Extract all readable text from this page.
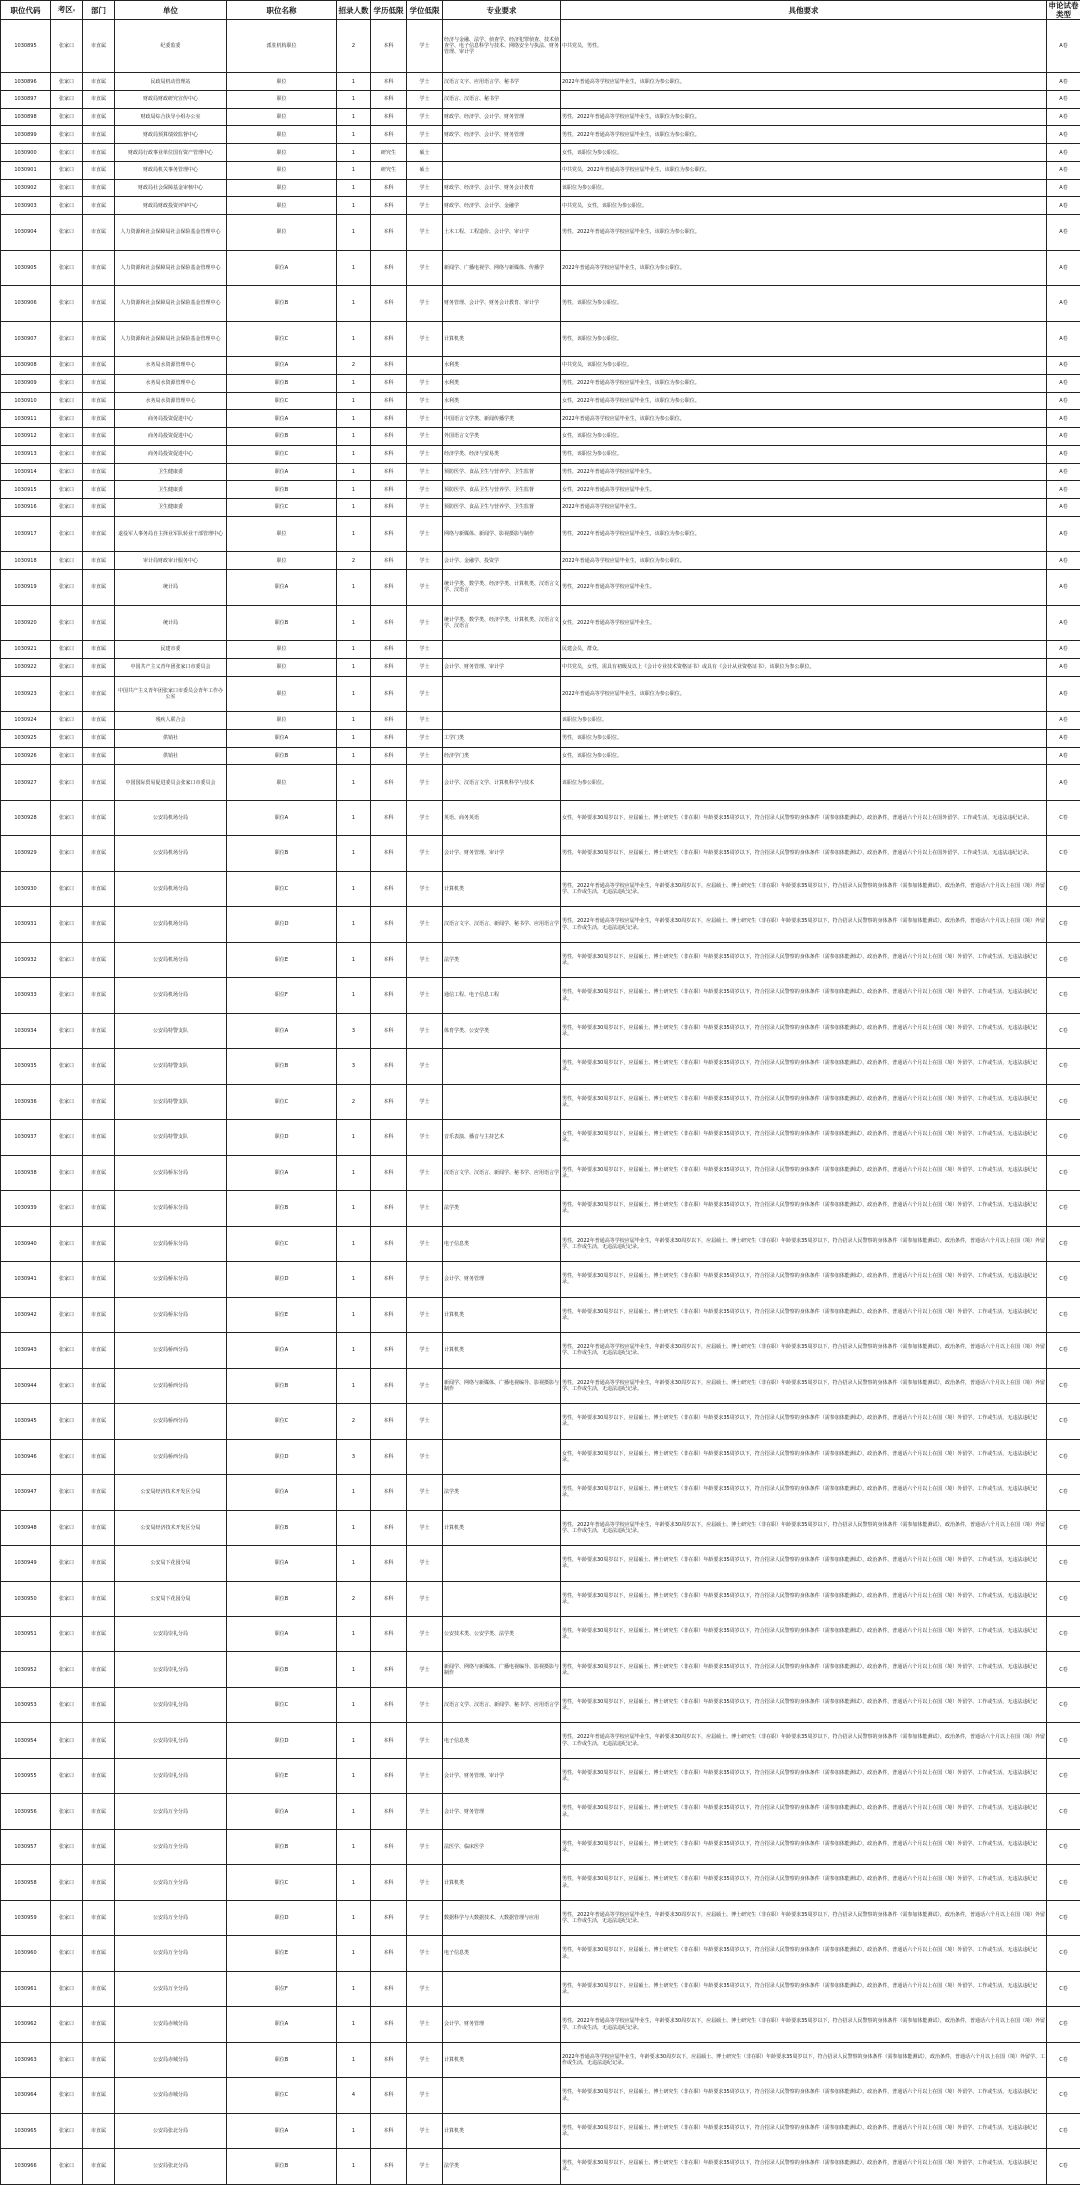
职位代码	考区▾	部门	单位	职位名称	招录人数	学历低限	学位低限	专业要求	具他要求	申论试卷类型
1030895	张家口	市直属	纪委监委	派驻机构职位	2	本科	学士	经济与金融、法学、侦查学、经济犯罪侦查、技术侦查学、电子信息科学与技术、网络安全与执法、财务管理、审计学	中共党员，男性。	A卷
1030896	张家口	市直属	民政局机动管理站	职位	1	本科	学士	汉语言文字、应用语言学、秘书学	2022年普通高等学校应届毕业生，该职位为参公职位。	A卷
1030897	张家口	市直属	财政局财政研究宣传中心	职位	1	本科	学士	汉语言、汉语言、秘书学		A卷
1030898	张家口	市直属	财政局综合执导小组办公室	职位	1	本科	学士	财政学、经济学、会计学、财务管理	男性，2022年普通高等学校应届毕业生，该职位为参公职位。	A卷
1030899	张家口	市直属	财政局预算绩效监督中心	职位	1	本科	学士	财政学、经济学、会计学、财务管理	男性，2022年普通高等学校应届毕业生，该职位为参公职位。	A卷
1030900	张家口	市直属	财政局行政事业单位国有资产管理中心	职位	1	研究生	硕士		女性，该职位为参公职位。	A卷
1030901	张家口	市直属	财政局机关事务管理中心	职位	1	研究生	硕士		中共党员，2022年普通高等学校应届毕业生，该职位为参公职位。	A卷
1030902	张家口	市直属	财政局社会保障基金审核中心	职位	1	本科	学士	财政学、经济学、会计学、财务会计教育	该职位为参公职位。	A卷
1030903	张家口	市直属	财政局财政投资评审中心	职位	1	本科	学士	财政学、经济学、会计学、金融学	中共党员，女性，该职位为参公职位。	A卷
1030904	张家口	市直属	人力资源和社会保障局社会保险基金管理中心	职位	1	本科	学士	土木工程、工程造价、会计学、审计学	男性，2022年普通高等学校应届毕业生，该职位为参公职位。	A卷
1030905	张家口	市直属	人力资源和社会保障局社会保险基金管理中心	职位A	1	本科	学士	新闻学、广播电视学、网络与新媒体、传播学	2022年普通高等学校应届毕业生，该职位为参公职位。	A卷
1030906	张家口	市直属	人力资源和社会保障局社会保险基金管理中心	职位B	1	本科	学士	财务管理、会计学、财务会计教育、审计学	男性，该职位为参公职位。	A卷
1030907	张家口	市直属	人力资源和社会保障局社会保险基金管理中心	职位C	1	本科	学士	计算机类	男性，该职位为参公职位。	A卷
1030908	张家口	市直属	水务局水资源管理中心	职位A	2	本科		水利类	中共党员，该职位为参公职位。	A卷
1030909	张家口	市直属	水务局水资源管理中心	职位B	1	本科	学士	水利类	男性，2022年普通高等学校应届毕业生，该职位为参公职位。	A卷
1030910	张家口	市直属	水务局水资源管理中心	职位C	1	本科	学士	水利类	女性，2022年普通高等学校应届毕业生，该职位为参公职位。	A卷
1030911	张家口	市直属	商务局投资促进中心	职位A	1	本科	学士	中国语言文学类、新闻传播学类	2022年普通高等学校应届毕业生，该职位为参公职位。	A卷
1030912	张家口	市直属	商务局投资促进中心	职位B	1	本科	学士	外国语言文学类	女性，该职位为参公职位。	A卷
1030913	张家口	市直属	商务局投资促进中心	职位C	1	本科	学士	经济学类、经济与贸易类	男性，该职位为参公职位。	A卷
1030914	张家口	市直属	卫生健康委	职位A	1	本科	学士	预防医学、食品卫生与营养学、卫生监督	男性，2022年普通高等学校应届毕业生。	A卷
1030915	张家口	市直属	卫生健康委	职位B	1	本科	学士	预防医学、食品卫生与营养学、卫生监督	女性，2022年普通高等学校应届毕业生。	A卷
1030916	张家口	市直属	卫生健康委	职位C	1	本科	学士	预防医学、食品卫生与营养学、卫生监督	2022年普通高等学校应届毕业生。	A卷
1030917	张家口	市直属	退役军人事务局自主择业军队转业干部管理中心	职位	1	本科	学士	网络与新媒体、新闻学、影视摄影与制作	男性，2022年普通高等学校应届毕业生，该职位为参公职位。	A卷
1030918	张家口	市直属	审计局财政审计服务中心	职位	2	本科	学士	会计学、金融学、投资学	2022年普通高等学校应届毕业生，该职位为参公职位。	A卷
1030919	张家口	市直属	统计局	职位A	1	本科	学士	统计学类、数学类、经济学类、计算机类、汉语言文学、汉语言	男性，2022年普通高等学校应届毕业生。	A卷
1030920	张家口	市直属	统计局	职位B	1	本科	学士	统计学类、数学类、经济学类、计算机类、汉语言文学、汉语言	女性，2022年普通高等学校应届毕业生。	A卷
1030921	张家口	市直属	民建市委	职位	1	本科	学士		民建会员，群众。	A卷
1030922	张家口	市直属	中国共产主义青年团张家口市委员会	职位	1	本科	学士	会计学、财务管理、审计学	中共党员，女性，需具有初级及以上《会计专业技术资格证书》或具有《会计从业资格证书》，该职位为参公职位。	A卷
1030923	张家口	市直属	中国共产主义青年团张家口市委员会青年工作办公室	职位	1	本科	学士		2022年普通高等学校应届毕业生，该职位为参公职位。	A卷
1030924	张家口	市直属	残疾人联合会	职位	1	本科	学士		该职位为参公职位。	A卷
1030925	张家口	市直属	供销社	职位A	1	本科	学士	工学门类	男性，该职位为参公职位。	A卷
1030926	张家口	市直属	供销社	职位B	1	本科	学士	经济学门类	女性，该职位为参公职位。	A卷
1030927	张家口	市直属	中国国际贸易促进委员会张家口市委员会	职位	1	本科	学士	会计学、汉语言文学、计算机科学与技术	该职位为参公职位。	A卷
1030928	张家口	市直属	公安局机场分局	职位A	1	本科	学士	英语、商务英语	女性，年龄要求30周岁以下，应届硕士、博士研究生（非在职）年龄要求35周岁以下，符合招录人民警察的身体条件（需参加体能测试），政治条件，普通话六个月以上在国外留学、工作或生活，无违法违纪记录。	C卷
1030929	张家口	市直属	公安局机场分局	职位B	1	本科	学士	会计学、财务管理、审计学	男性，年龄要求30周岁以下，应届硕士、博士研究生（非在职）年龄要求35周岁以下，符合招录人民警察的身体条件（需参加体能测试），政治条件，普通话六个月以上在国外留学、工作或生活，无违法违纪记录。	C卷
1030930	张家口	市直属	公安局机场分局	职位C	1	本科	学士	计算机类	男性，2022年普通高等学校应届毕业生，年龄要求30周岁以下，应届硕士、博士研究生（非在职）年龄要求35周岁以下，符合招录人民警察的身体条件（需参加体能测试），政治条件，普通话六个月以上在国（境）外留学、工作或生活，无违法违纪记录。	C卷
1030931	张家口	市直属	公安局机场分局	职位D	1	本科	学士	汉语言文字、汉语言、新闻学、秘书学、应用语言学	男性，2022年普通高等学校应届毕业生，年龄要求30周岁以下，应届硕士、博士研究生（非在职）年龄要求35周岁以下，符合招录人民警察的身体条件（需参加体能测试），政治条件，普通话六个月以上在国（境）外留学、工作或生活，无违法违纪记录。	C卷
1030932	张家口	市直属	公安局机场分局	职位E	1	本科	学士	法学类	男性，年龄要求30周岁以下，应届硕士、博士研究生（非在职）年龄要求35周岁以下，符合招录人民警察的身体条件（需参加体能测试），政治条件，普通话六个月以上在国（境）外留学、工作或生活，无违法违纪记录。	C卷
1030933	张家口	市直属	公安局机场分局	职位F	1	本科	学士	通信工程、电子信息工程	男性，年龄要求30周岁以下，应届硕士、博士研究生（非在职）年龄要求35周岁以下，符合招录人民警察的身体条件（需参加体能测试），政治条件，普通话六个月以上在国（境）外留学、工作或生活，无违法违纪记录。	C卷
1030934	张家口	市直属	公安局特警支队	职位A	3	本科	学士	体育学类、公安学类	男性，年龄要求30周岁以下，应届硕士、博士研究生（非在职）年龄要求35周岁以下，符合招录人民警察的身体条件（需参加体能测试），政治条件，普通话六个月以上在国（境）外留学、工作或生活，无违法违纪记录。	C卷
1030935	张家口	市直属	公安局特警支队	职位B	3	本科	学士		男性，年龄要求30周岁以下，应届硕士、博士研究生（非在职）年龄要求35周岁以下，符合招录人民警察的身体条件（需参加体能测试），政治条件，普通话六个月以上在国（境）外留学、工作或生活，无违法违纪记录。	C卷
1030936	张家口	市直属	公安局特警支队	职位C	2	本科	学士		男性，年龄要求30周岁以下，应届硕士、博士研究生（非在职）年龄要求35周岁以下，符合招录人民警察的身体条件（需参加体能测试），政治条件，普通话六个月以上在国（境）外留学、工作或生活，无违法违纪记录。	C卷
1030937	张家口	市直属	公安局特警支队	职位D	1	本科	学士	音乐表演、播音与主持艺术	女性，年龄要求30周岁以下，应届硕士、博士研究生（非在职）年龄要求35周岁以下，符合招录人民警察的身体条件（需参加体能测试），政治条件，普通话六个月以上在国（境）外留学、工作或生活，无违法违纪记录。	C卷
1030938	张家口	市直属	公安局桥东分局	职位A	1	本科	学士	汉语言文学、汉语言、新闻学、秘书学、应用语言学	男性，年龄要求30周岁以下，应届硕士、博士研究生（非在职）年龄要求35周岁以下，符合招录人民警察的身体条件（需参加体能测试），政治条件，普通话六个月以上在国（境）外留学、工作或生活，无违法违纪记录。	C卷
1030939	张家口	市直属	公安局桥东分局	职位B	1	本科	学士	法学类	男性，年龄要求30周岁以下，应届硕士、博士研究生（非在职）年龄要求35周岁以下，符合招录人民警察的身体条件（需参加体能测试），政治条件，普通话六个月以上在国（境）外留学、工作或生活，无违法违纪记录。	C卷
1030940	张家口	市直属	公安局桥东分局	职位C	1	本科	学士	电子信息类	男性，2022年普通高等学校应届毕业生，年龄要求30周岁以下，应届硕士、博士研究生（非在职）年龄要求35周岁以下，符合招录人民警察的身体条件（需参加体能测试），政治条件，普通话六个月以上在国（境）外留学、工作或生活，无违法违纪记录。	C卷
1030941	张家口	市直属	公安局桥东分局	职位D	1	本科	学士	会计学、财务管理	男性，年龄要求30周岁以下，应届硕士、博士研究生（非在职）年龄要求35周岁以下，符合招录人民警察的身体条件（需参加体能测试），政治条件，普通话六个月以上在国（境）外留学、工作或生活，无违法违纪记录。	C卷
1030942	张家口	市直属	公安局桥东分局	职位E	1	本科	学士	计算机类	男性，年龄要求30周岁以下，应届硕士、博士研究生（非在职）年龄要求35周岁以下，符合招录人民警察的身体条件（需参加体能测试），政治条件，普通话六个月以上在国（境）外留学、工作或生活，无违法违纪记录。	C卷
1030943	张家口	市直属	公安局桥西分局	职位A	1	本科	学士	计算机类	男性，2022年普通高等学校应届毕业生，年龄要求30周岁以下，应届硕士、博士研究生（非在职）年龄要求35周岁以下，符合招录人民警察的身体条件（需参加体能测试），政治条件，普通话六个月以上在国（境）外留学、工作或生活，无违法违纪记录。	C卷
1030944	张家口	市直属	公安局桥西分局	职位B	1	本科	学士	新闻学、网络与新媒体、广播电视编导、影视摄影与制作	男性，2022年普通高等学校应届毕业生，年龄要求30周岁以下，应届硕士、博士研究生（非在职）年龄要求35周岁以下，符合招录人民警察的身体条件（需参加体能测试），政治条件，普通话六个月以上在国（境）外留学、工作或生活，无违法违纪记录。	C卷
1030945	张家口	市直属	公安局桥西分局	职位C	2	本科	学士		男性，年龄要求30周岁以下，应届硕士、博士研究生（非在职）年龄要求35周岁以下，符合招录人民警察的身体条件（需参加体能测试），政治条件，普通话六个月以上在国（境）外留学、工作或生活，无违法违纪记录。	C卷
1030946	张家口	市直属	公安局桥西分局	职位D	3	本科	学士		女性，年龄要求30周岁以下，应届硕士、博士研究生（非在职）年龄要求35周岁以下，符合招录人民警察的身体条件（需参加体能测试），政治条件，普通话六个月以上在国（境）外留学、工作或生活，无违法违纪记录。	C卷
1030947	张家口	市直属	公安局经济技术开发区分局	职位A	1	本科	学士	法学类	男性，年龄要求30周岁以下，应届硕士、博士研究生（非在职）年龄要求35周岁以下，符合招录人民警察的身体条件（需参加体能测试），政治条件，普通话六个月以上在国（境）外留学、工作或生活，无违法违纪记录。	C卷
1030948	张家口	市直属	公安局经济技术开发区分局	职位B	1	本科	学士	计算机类	男性，2022年普通高等学校应届毕业生，年龄要求30周岁以下，应届硕士、博士研究生（非在职）年龄要求35周岁以下，符合招录人民警察的身体条件（需参加体能测试），政治条件，普通话六个月以上在国（境）外留学、工作或生活，无违法违纪记录。	C卷
1030949	张家口	市直属	公安局下花园分局	职位A	1	本科	学士		男性，年龄要求30周岁以下，应届硕士、博士研究生（非在职）年龄要求35周岁以下，符合招录人民警察的身体条件（需参加体能测试），政治条件，普通话六个月以上在国（境）外留学、工作或生活，无违法违纪记录。	C卷
1030950	张家口	市直属	公安局下花园分局	职位B	2	本科	学士		男性，年龄要求30周岁以下，应届硕士、博士研究生（非在职）年龄要求35周岁以下，符合招录人民警察的身体条件（需参加体能测试），政治条件，普通话六个月以上在国（境）外留学、工作或生活，无违法违纪记录。	C卷
1030951	张家口	市直属	公安局崇礼分局	职位A	1	本科	学士	公安技术类、公安学类、法学类	男性，年龄要求30周岁以下，应届硕士、博士研究生（非在职）年龄要求35周岁以下，符合招录人民警察的身体条件（需参加体能测试），政治条件，普通话六个月以上在国（境）外留学、工作或生活，无违法违纪记录。	C卷
1030952	张家口	市直属	公安局崇礼分局	职位B	1	本科	学士	新闻学、网络与新媒体、广播电视编导、影视摄影与制作	男性，年龄要求30周岁以下，应届硕士、博士研究生（非在职）年龄要求35周岁以下，符合招录人民警察的身体条件（需参加体能测试），政治条件，普通话六个月以上在国（境）外留学、工作或生活，无违法违纪记录。	C卷
1030953	张家口	市直属	公安局崇礼分局	职位C	1	本科	学士	汉语言文学、汉语言、新闻学、秘书学、应用语言学	男性，年龄要求30周岁以下，应届硕士、博士研究生（非在职）年龄要求35周岁以下，符合招录人民警察的身体条件（需参加体能测试），政治条件，普通话六个月以上在国（境）外留学、工作或生活，无违法违纪记录。	C卷
1030954	张家口	市直属	公安局崇礼分局	职位D	1	本科	学士	电子信息类	男性，2022年普通高等学校应届毕业生，年龄要求30周岁以下，应届硕士、博士研究生（非在职）年龄要求35周岁以下，符合招录人民警察的身体条件（需参加体能测试），政治条件，普通话六个月以上在国（境）外留学、工作或生活，无违法违纪记录。	C卷
1030955	张家口	市直属	公安局崇礼分局	职位E	1	本科	学士	会计学、财务管理、审计学	男性，年龄要求30周岁以下，应届硕士、博士研究生（非在职）年龄要求35周岁以下，符合招录人民警察的身体条件（需参加体能测试），政治条件，普通话六个月以上在国（境）外留学、工作或生活，无违法违纪记录。	C卷
1030956	张家口	市直属	公安局万全分局	职位A	1	本科	学士	会计学、财务管理	男性，年龄要求30周岁以下，应届硕士、博士研究生（非在职）年龄要求35周岁以下，符合招录人民警察的身体条件（需参加体能测试），政治条件，普通话六个月以上在国（境）外留学、工作或生活，无违法违纪记录。	C卷
1030957	张家口	市直属	公安局万全分局	职位B	1	本科	学士	法医学、临床医学	男性，年龄要求30周岁以下，应届硕士、博士研究生（非在职）年龄要求35周岁以下，符合招录人民警察的身体条件（需参加体能测试），政治条件，普通话六个月以上在国（境）外留学、工作或生活，无违法违纪记录。	C卷
1030958	张家口	市直属	公安局万全分局	职位C	1	本科	学士	计算机类	男性，年龄要求30周岁以下，应届硕士、博士研究生（非在职）年龄要求35周岁以下，符合招录人民警察的身体条件（需参加体能测试），政治条件，普通话六个月以上在国（境）外留学、工作或生活，无违法违纪记录。	C卷
1030959	张家口	市直属	公安局万全分局	职位D	1	本科	学士	数据科学与大数据技术、大数据管理与应用	男性，2022年普通高等学校应届毕业生，年龄要求30周岁以下，应届硕士、博士研究生（非在职）年龄要求35周岁以下，符合招录人民警察的身体条件（需参加体能测试），政治条件，普通话六个月以上在国（境）外留学、工作或生活，无违法违纪记录。	C卷
1030960	张家口	市直属	公安局万全分局	职位E	1	本科	学士	电子信息类	男性，年龄要求30周岁以下，应届硕士、博士研究生（非在职）年龄要求35周岁以下，符合招录人民警察的身体条件（需参加体能测试），政治条件，普通话六个月以上在国（境）外留学、工作或生活，无违法违纪记录。	C卷
1030961	张家口	市直属	公安局万全分局	职位F	1	本科	学士		男性，年龄要求30周岁以下，应届硕士、博士研究生（非在职）年龄要求35周岁以下，符合招录人民警察的身体条件（需参加体能测试），政治条件，普通话六个月以上在国（境）外留学、工作或生活，无违法违纪记录。	C卷
1030962	张家口	市直属	公安局赤城分局	职位A	1	本科	学士	会计学、财务管理	男性，2022年普通高等学校应届毕业生，年龄要求30周岁以下，应届硕士、博士研究生（非在职）年龄要求35周岁以下，符合招录人民警察的身体条件（需参加体能测试），政治条件，普通话六个月以上在国（境）外留学、工作或生活，无违法违纪记录。	C卷
1030963	张家口	市直属	公安局赤城分局	职位B	1	本科	学士	计算机类	2022年普通高等学校应届毕业生，年龄要求30周岁以下，应届硕士、博士研究生（非在职）年龄要求35周岁以下，符合招录人民警察的身体条件（需参加体能测试），政治条件，普通话六个月以上在国（境）外留学、工作或生活，无违法违纪记录。	C卷
1030964	张家口	市直属	公安局赤城分局	职位C	4	本科	学士		男性，年龄要求30周岁以下，应届硕士、博士研究生（非在职）年龄要求35周岁以下，符合招录人民警察的身体条件（需参加体能测试），政治条件，普通话六个月以上在国（境）外留学、工作或生活，无违法违纪记录。	C卷
1030965	张家口	市直属	公安局张北分局	职位A	1	本科	学士	计算机类	男性，年龄要求30周岁以下，应届硕士、博士研究生（非在职）年龄要求35周岁以下，符合招录人民警察的身体条件（需参加体能测试），政治条件，普通话六个月以上在国（境）外留学、工作或生活，无违法违纪记录。	C卷
1030966	张家口	市直属	公安局张北分局	职位B	1	本科	学士	法学类	男性，年龄要求30周岁以下，应届硕士、博士研究生（非在职）年龄要求35周岁以下，符合招录人民警察的身体条件（需参加体能测试），政治条件，普通话六个月以上在国（境）外留学、工作或生活，无违法违纪记录。	C卷
